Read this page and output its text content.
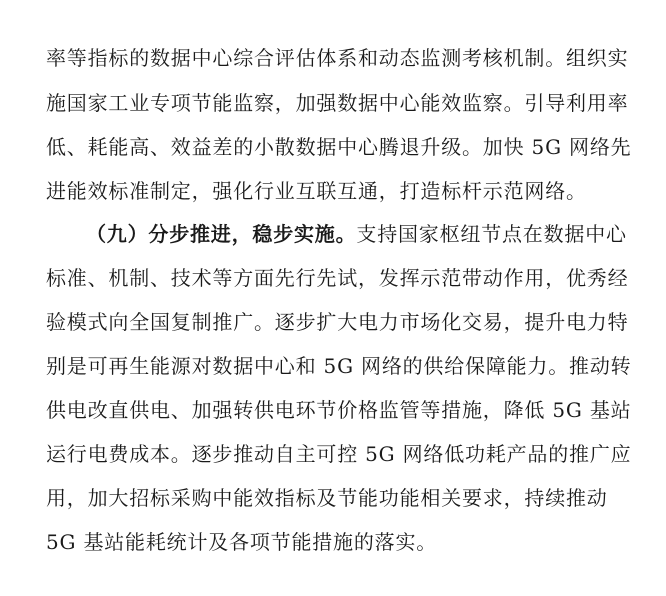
率等指标的数据中心综合评估体系和动态监测考核机制。组织实
施国家工业专项节能监察，加强数据中心能效监察。引导利用率
低、耗能高、效益差的小散数据中心腾退升级。加快 5G 网络先
进能效标准制定，强化行业互联互通，打造标杆示范网络。
（九）分步推进，稳步实施。支持国家枢纽节点在数据中心
标准、机制、技术等方面先行先试，发挥示范带动作用，优秀经
验模式向全国复制推广。逐步扩大电力市场化交易，提升电力特
别是可再生能源对数据中心和 5G 网络的供给保障能力。推动转
供电改直供电、加强转供电环节价格监管等措施，降低 5G 基站
运行电费成本。逐步推动自主可控 5G 网络低功耗产品的推广应
用，加大招标采购中能效指标及节能功能相关要求，持续推动
5G 基站能耗统计及各项节能措施的落实。
